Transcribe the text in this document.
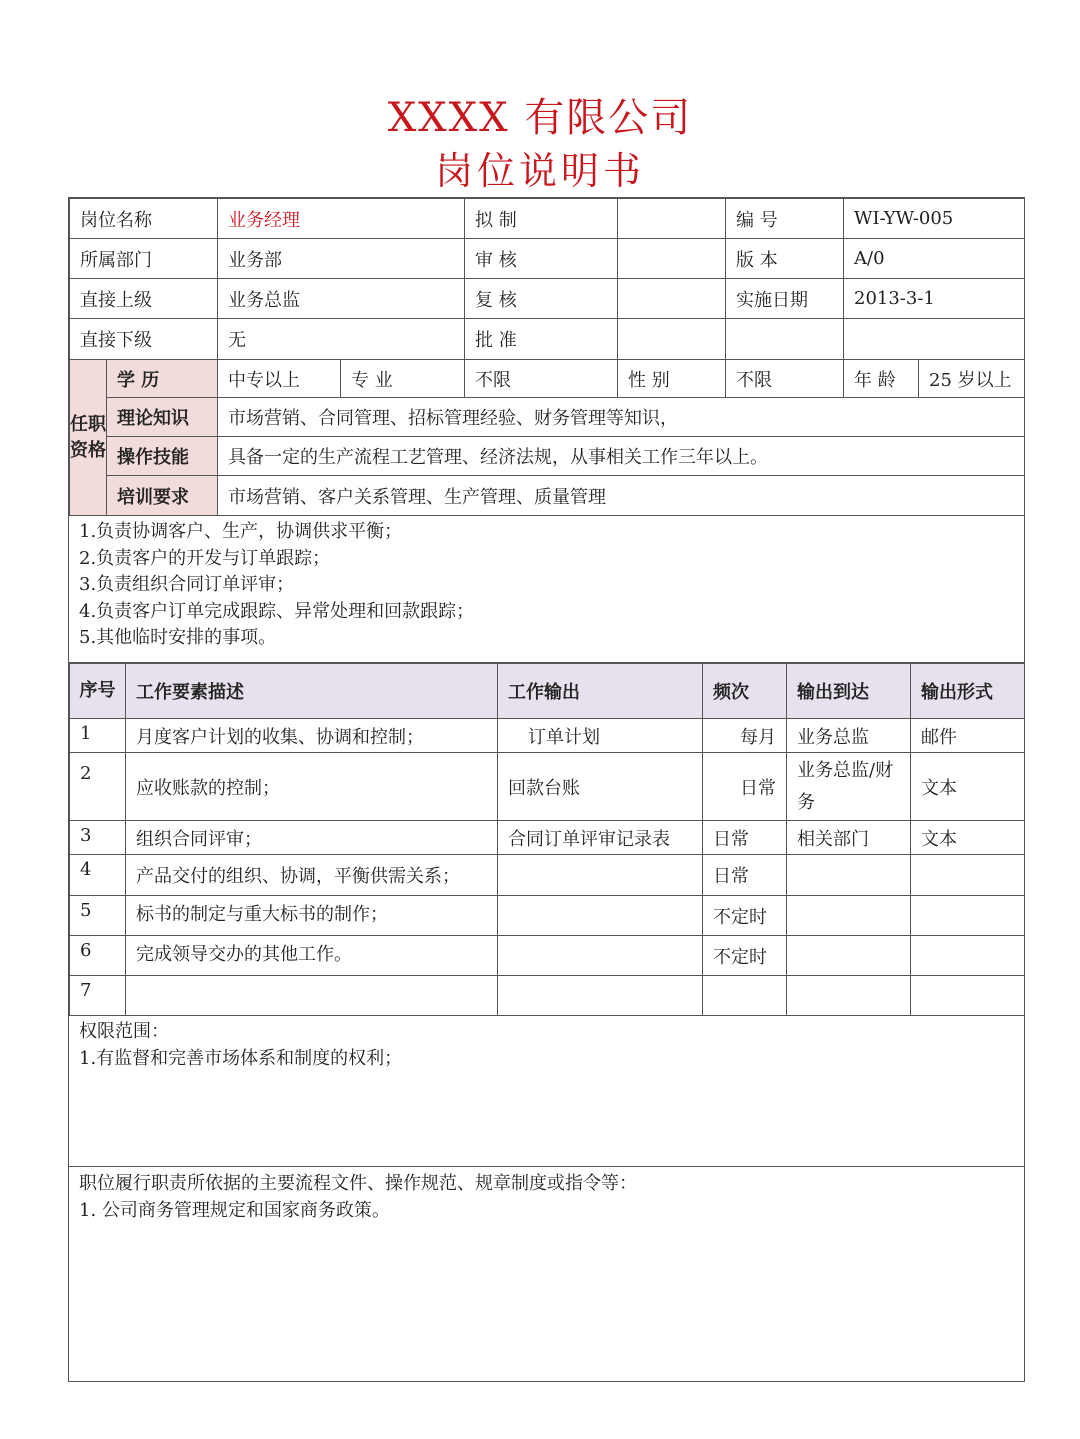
XXXX 有限公司
岗位说明书
岗位名称	业务经理	拟 制		编 号	WI-YW-005
所属部门	业务部	审 核		版 本	A/0
直接上级	业务总监	复 核		实施日期	2013-3-1
直接下级	无	批 准			
任职资格	学 历	中专以上	专 业	不限	性 别	不限	年 龄	25 岁以上
	理论知识	市场营销、合同管理、招标管理经验、财务管理等知识，						
	操作技能	具备一定的生产流程工艺管理、经济法规，从事相关工作三年以上。						
	培训要求	市场营销、客户关系管理、生产管理、质量管理						
1.负责协调客户、生产，协调供求平衡；
2.负责客户的开发与订单跟踪；
3.负责组织合同订单评审；
4.负责客户订单完成跟踪、异常处理和回款跟踪；
5.其他临时安排的事项。
序号	工作要素描述	工作输出	频次	输出到达	输出形式
1	月度客户计划的收集、协调和控制；	订单计划	每月	业务总监	邮件
2	应收账款的控制；	回款台账	日常	业务总监/财务	文本
3	组织合同评审；	合同订单评审记录表	日常	相关部门	文本
4	产品交付的组织、协调，平衡供需关系；		日常		
5	标书的制定与重大标书的制作；		不定时		
6	完成领导交办的其他工作。		不定时		
7					
权限范围：
1.有监督和完善市场体系和制度的权利；
职位履行职责所依据的主要流程文件、操作规范、规章制度或指令等：
1. 公司商务管理规定和国家商务政策。
